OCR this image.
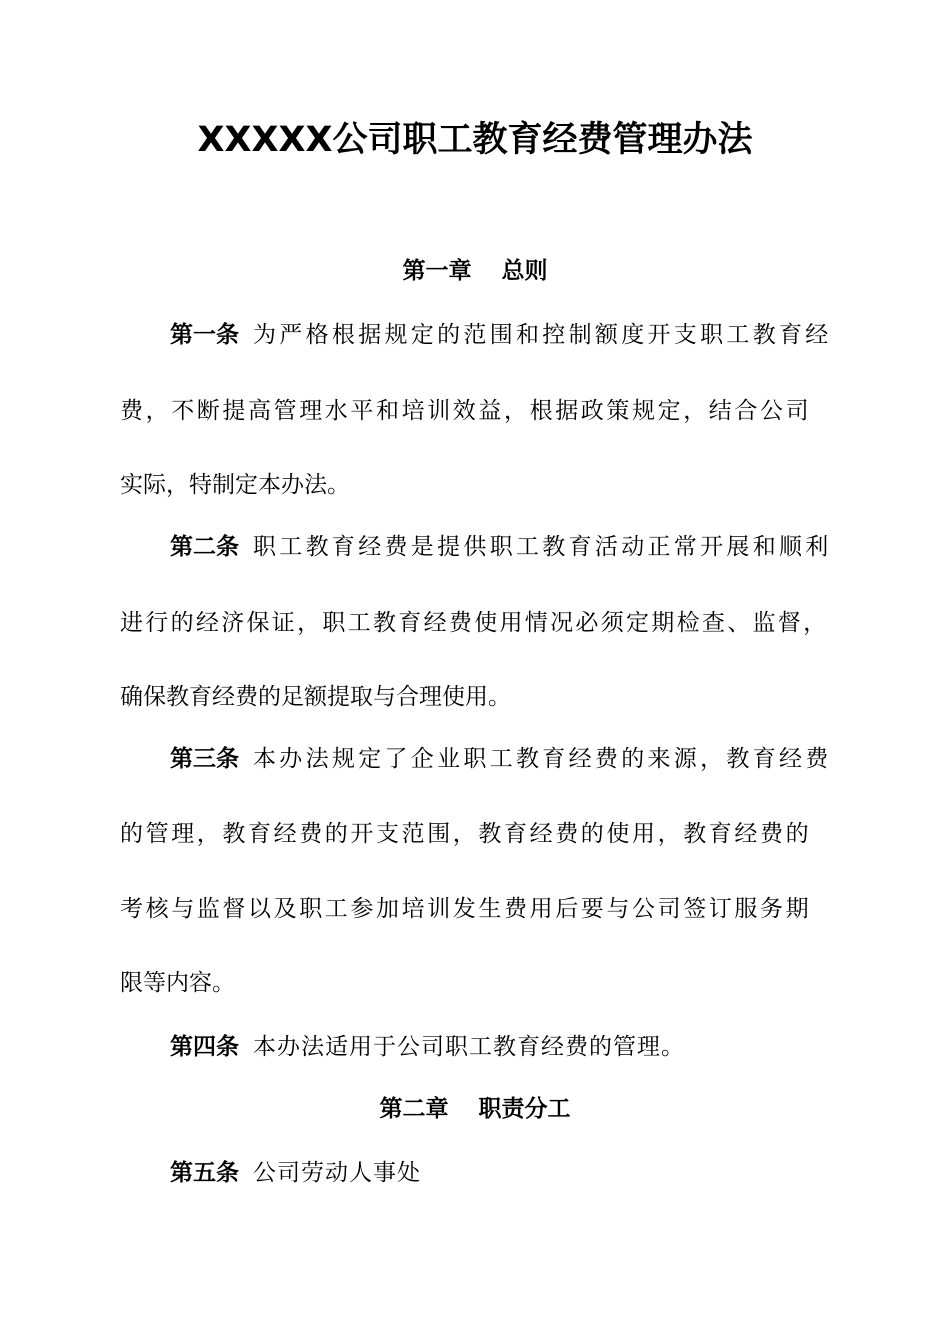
XXXXX公司职工教育经费管理办法
第一章 总则
第一条 为严格根据规定的范围和控制额度开支职工教育经
费，不断提高管理水平和培训效益，根据政策规定，结合公司
实际，特制定本办法。
第二条 职工教育经费是提供职工教育活动正常开展和顺利
进行的经济保证，职工教育经费使用情况必须定期检查、监督，
确保教育经费的足额提取与合理使用。
第三条 本办法规定了企业职工教育经费的来源，教育经费
的管理，教育经费的开支范围，教育经费的使用，教育经费的
考核与监督以及职工参加培训发生费用后要与公司签订服务期
限等内容。
第四条 本办法适用于公司职工教育经费的管理。
第二章 职责分工
第五条 公司劳动人事处
